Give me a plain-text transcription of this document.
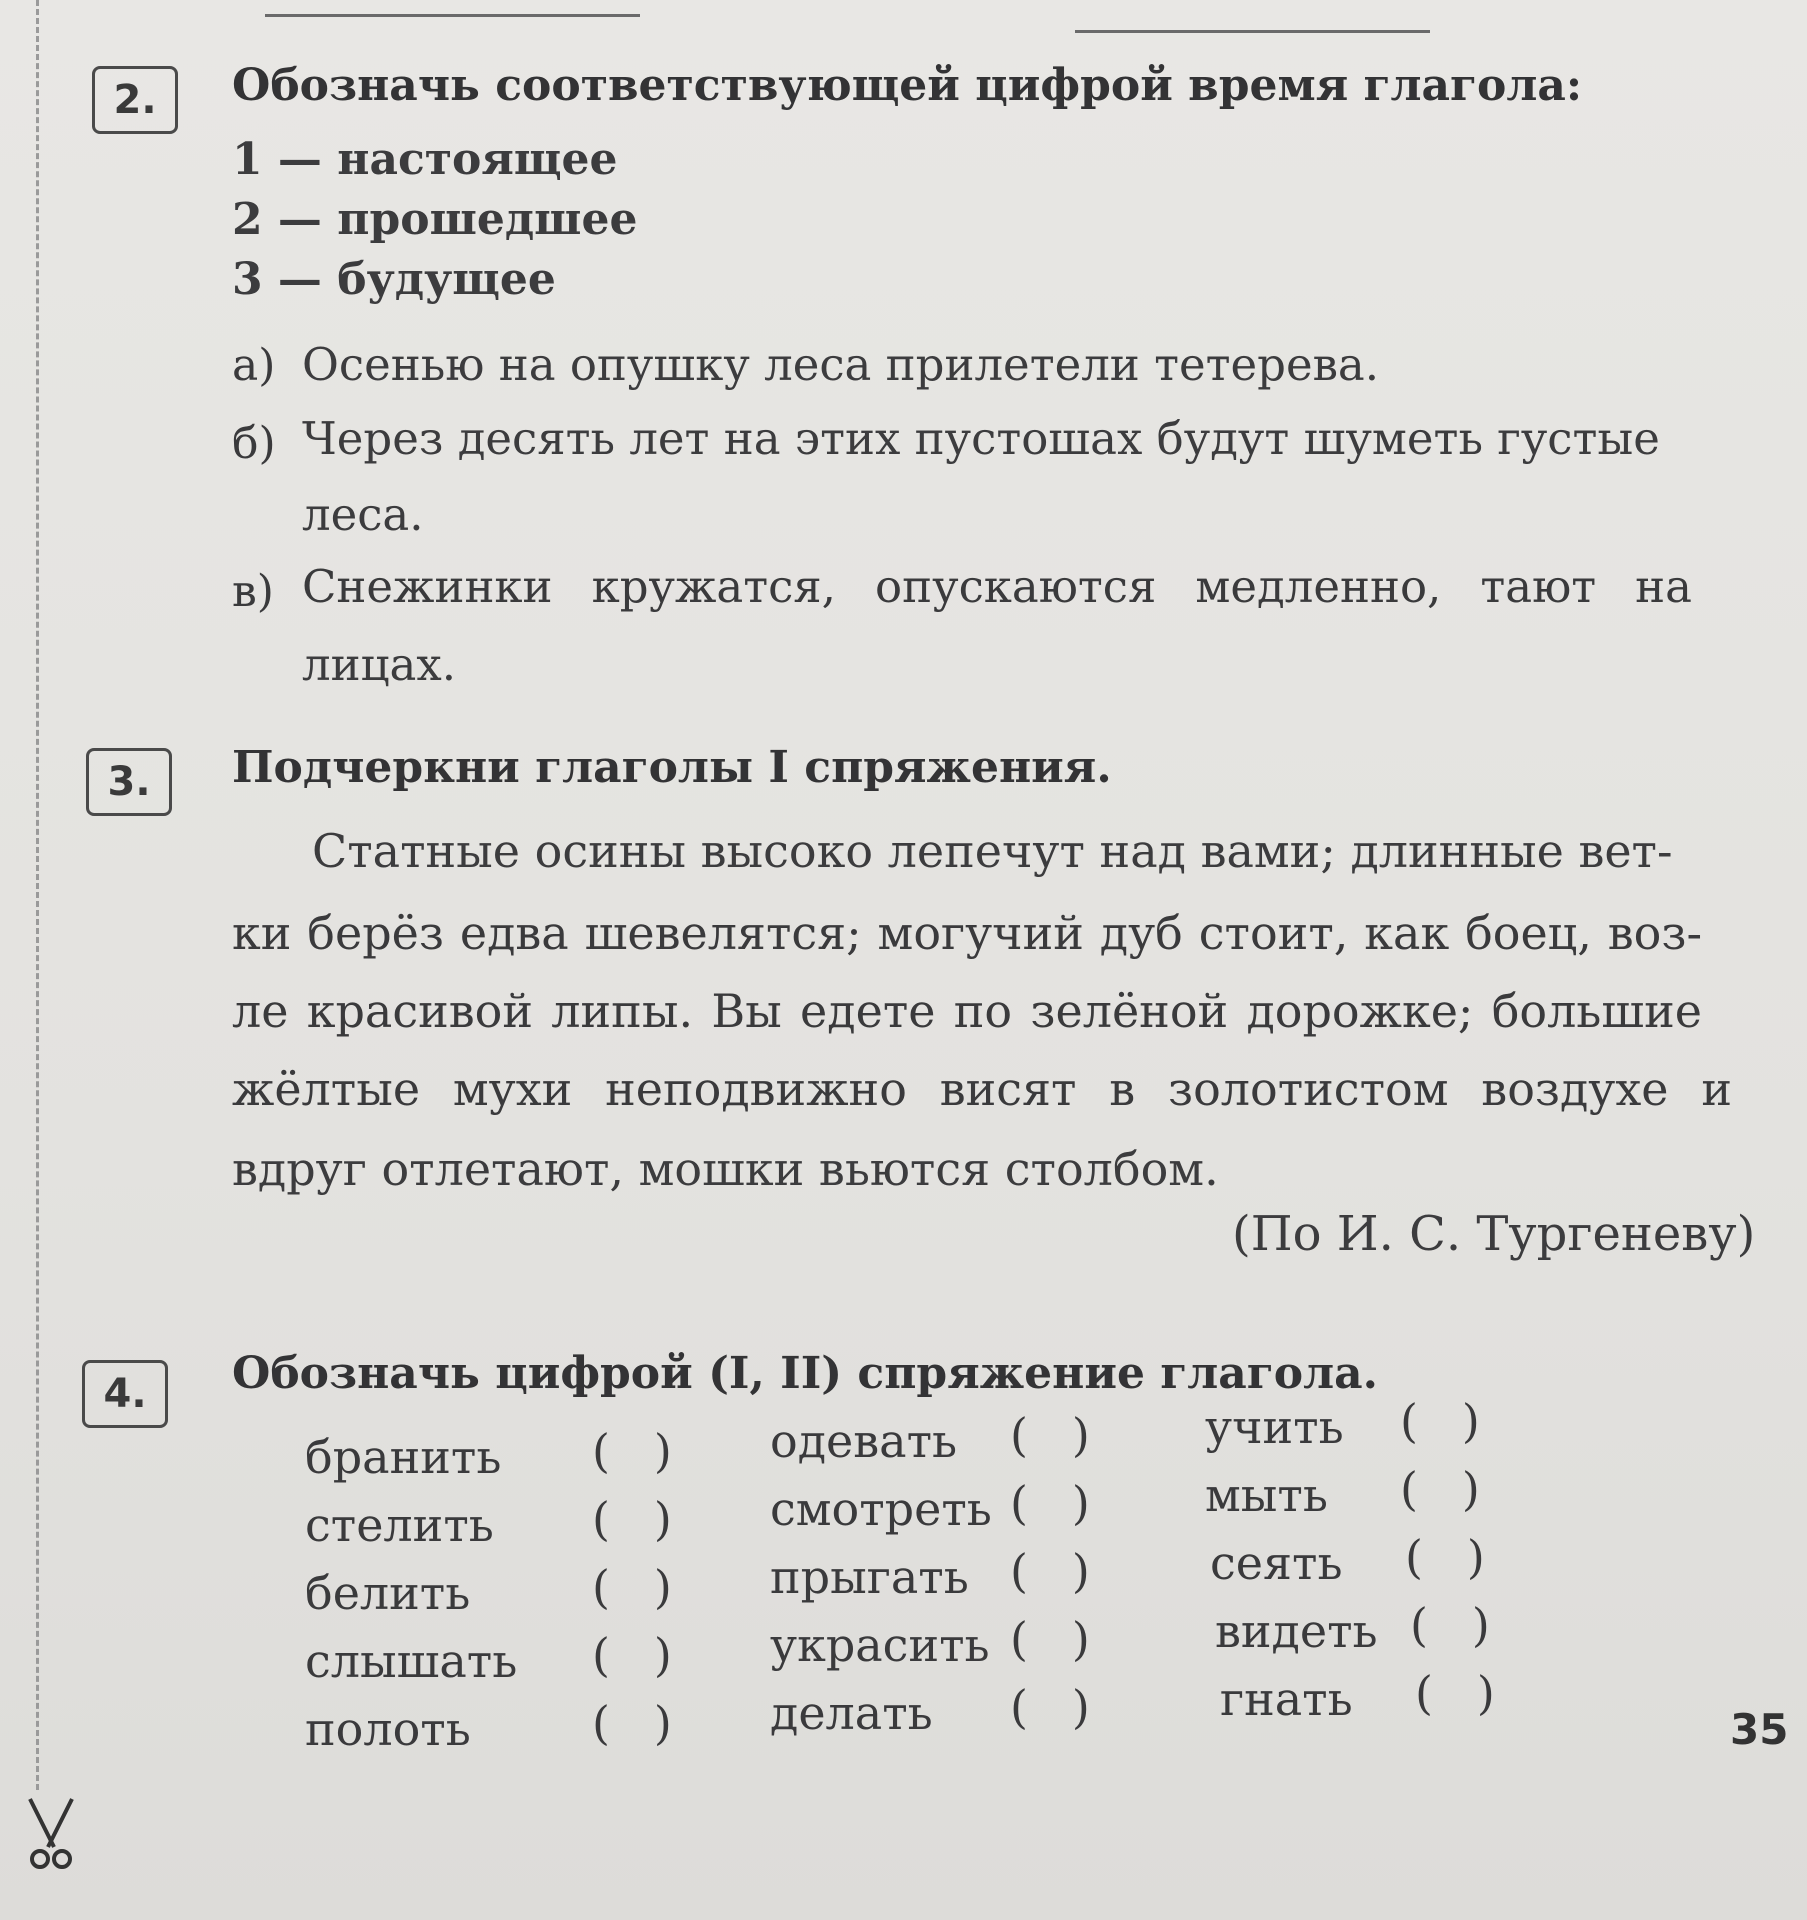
2.	Обозначь соответствующей цифрой время глагола:
1 — настоящее
2 — прошедшее
3 — будущее
а) Осенью на опушку леса прилетели тетерева.
б) Через десять лет на этих пустошах будут шуметь густые
леса.
в) Снежинки кружатся, опускаются медленно, тают на
лицах.
3.	Подчеркни глаголы I спряжения.
Статные осины высоко лепечут над вами; длинные вет-
ки берёз едва шевелятся; могучий дуб стоит, как боец, воз-
ле красивой липы. Вы едете по зелёной дорожке; большие
жёлтые мухи неподвижно висят в золотистом воздухе и
вдруг отлетают, мошки вьются столбом.
(По И. С. Тургеневу)
4.	Обозначь цифрой (I, II) спряжение глагола.
бранить (   )
стелить (   )
белить	(   )
слышать (   )
полоть	(   )
одевать (   )
смотреть (   )
прыгать (   )
украсить (   )
делать (   )
учить (   )
мыть (   )
сеять (   )
видеть (   )
гнать (   )
35
